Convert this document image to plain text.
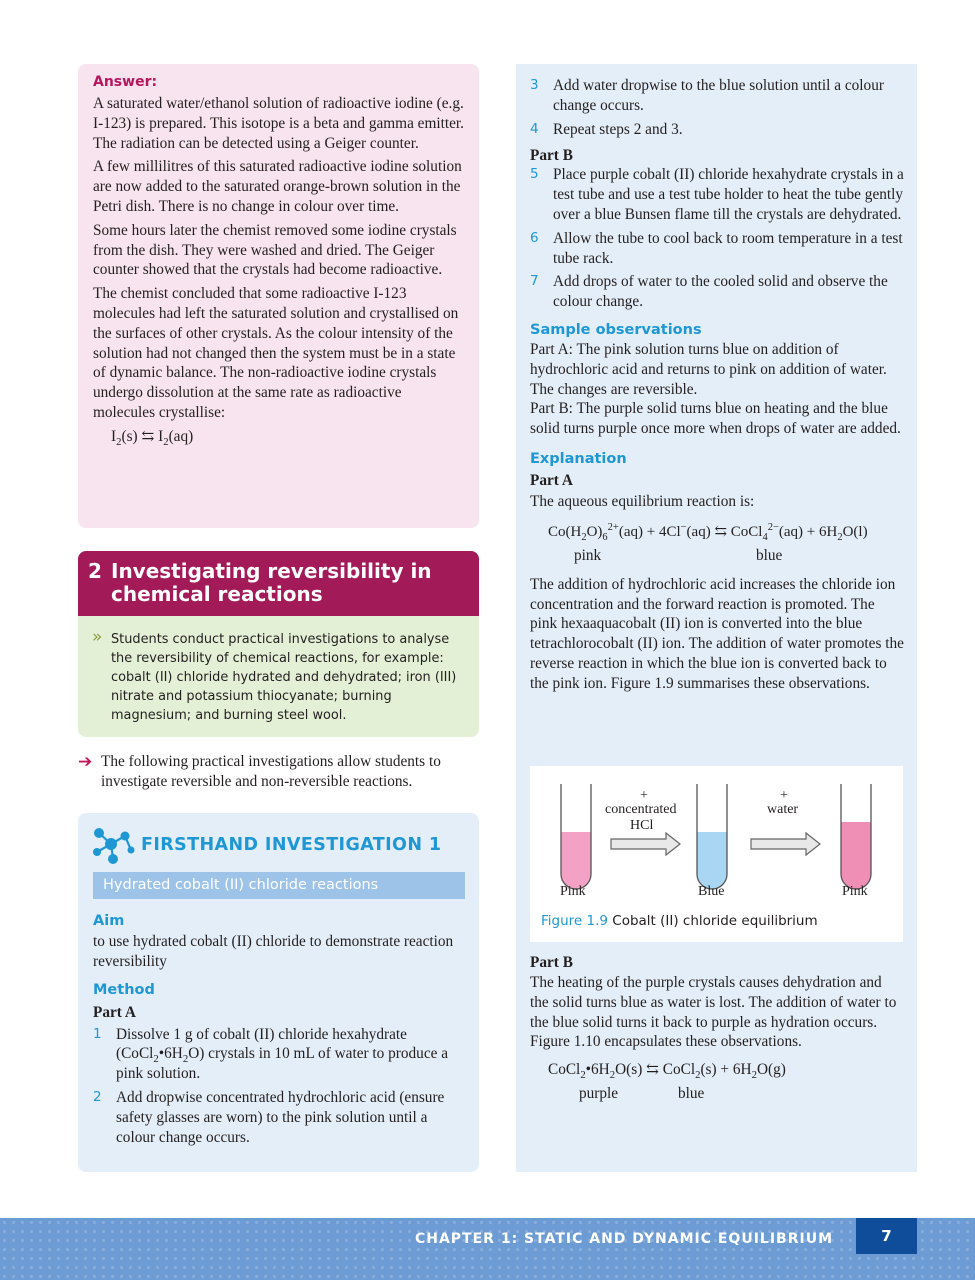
Answer:

A saturated water/ethanol solution of radioactive iodine (e.g. I-123) is prepared. This isotope is a beta and gamma emitter. The radiation can be detected using a Geiger counter.

A few millilitres of this saturated radioactive iodine solution are now added to the saturated orange-brown solution in the Petri dish. There is no change in colour over time.

Some hours later the chemist removed some iodine crystals from the dish. They were washed and dried. The Geiger counter showed that the crystals had become radioactive.

The chemist concluded that some radioactive I-123 molecules had left the saturated solution and crystallised on the surfaces of other crystals. As the colour intensity of the solution had not changed then the system must be in a state of dynamic balance. The non-radioactive iodine crystals undergo dissolution at the same rate as radioactive molecules crystallise:

$I_2(s)$ ⇆ $I_2(aq)$
2 Investigating reversibility in chemical reactions
» Students conduct practical investigations to analyse the reversibility of chemical reactions, for example: cobalt (II) chloride hydrated and dehydrated; iron (III) nitrate and potassium thiocyanate; burning magnesium; and burning steel wool.
➔ The following practical investigations allow students to investigate reversible and non-reversible reactions.
FIRSTHAND INVESTIGATION 1
Hydrated cobalt (II) chloride reactions
Aim

to use hydrated cobalt (II) chloride to demonstrate reaction reversibility

Method
Part A
1 Dissolve 1 g of cobalt (II) chloride hexahydrate $(CoCl_2•6H_2O)$ crystals in 10 mL of water to produce a pink solution.
2 Add dropwise concentrated hydrochloric acid (ensure safety glasses are worn) to the pink solution until a colour change occurs.
3 Add water dropwise to the blue solution until a colour change occurs.
4 Repeat steps 2 and 3.
Part B
5 Place purple cobalt (II) chloride hexahydrate crystals in a test tube and use a test tube holder to heat the tube gently over a blue Bunsen flame till the crystals are dehydrated.
6 Allow the tube to cool back to room temperature in a test tube rack.
7 Add drops of water to the cooled solid and observe the colour change.
Sample observations

Part A: The pink solution turns blue on addition of hydrochloric acid and returns to pink on addition of water. The changes are reversible.

Part B: The purple solid turns blue on heating and the blue solid turns purple once more when drops of water are added.

Explanation
Part A

The aqueous equilibrium reaction is:

$Co(H_2O)_6^{2+}(aq) + 4Cl^-(aq)$ ⇆ CoCl$_4^{2-}$(aq) + $6H_2O(l)$
pink	blue

The addition of hydrochloric acid increases the chloride ion concentration and the forward reaction is promoted. The pink hexaaquacobalt (II) ion is converted into the blue tetrachlorocobalt (II) ion. The addition of water promotes the reverse reaction in which the blue ion is converted back to the pink ion. Figure 1.9 summarises these observations.

Part B

The heating of the purple crystals causes dehydration and the solid turns blue as water is lost. The addition of water to the blue solid turns it back to purple as hydration occurs. Figure 1.10 encapsulates these observations.

$CoCl_2•6H_2O(s)$ ⇆ CoCl$_2$(s) + $6H_2O(g)$
purple	blue
+
concentrated
HCl
+
water
Pink	Blue	Pink
Figure 1.9 Cobalt (II) chloride equilibrium
CHAPTER 1: STATIC AND DYNAMIC EQUILIBRIUM	7
